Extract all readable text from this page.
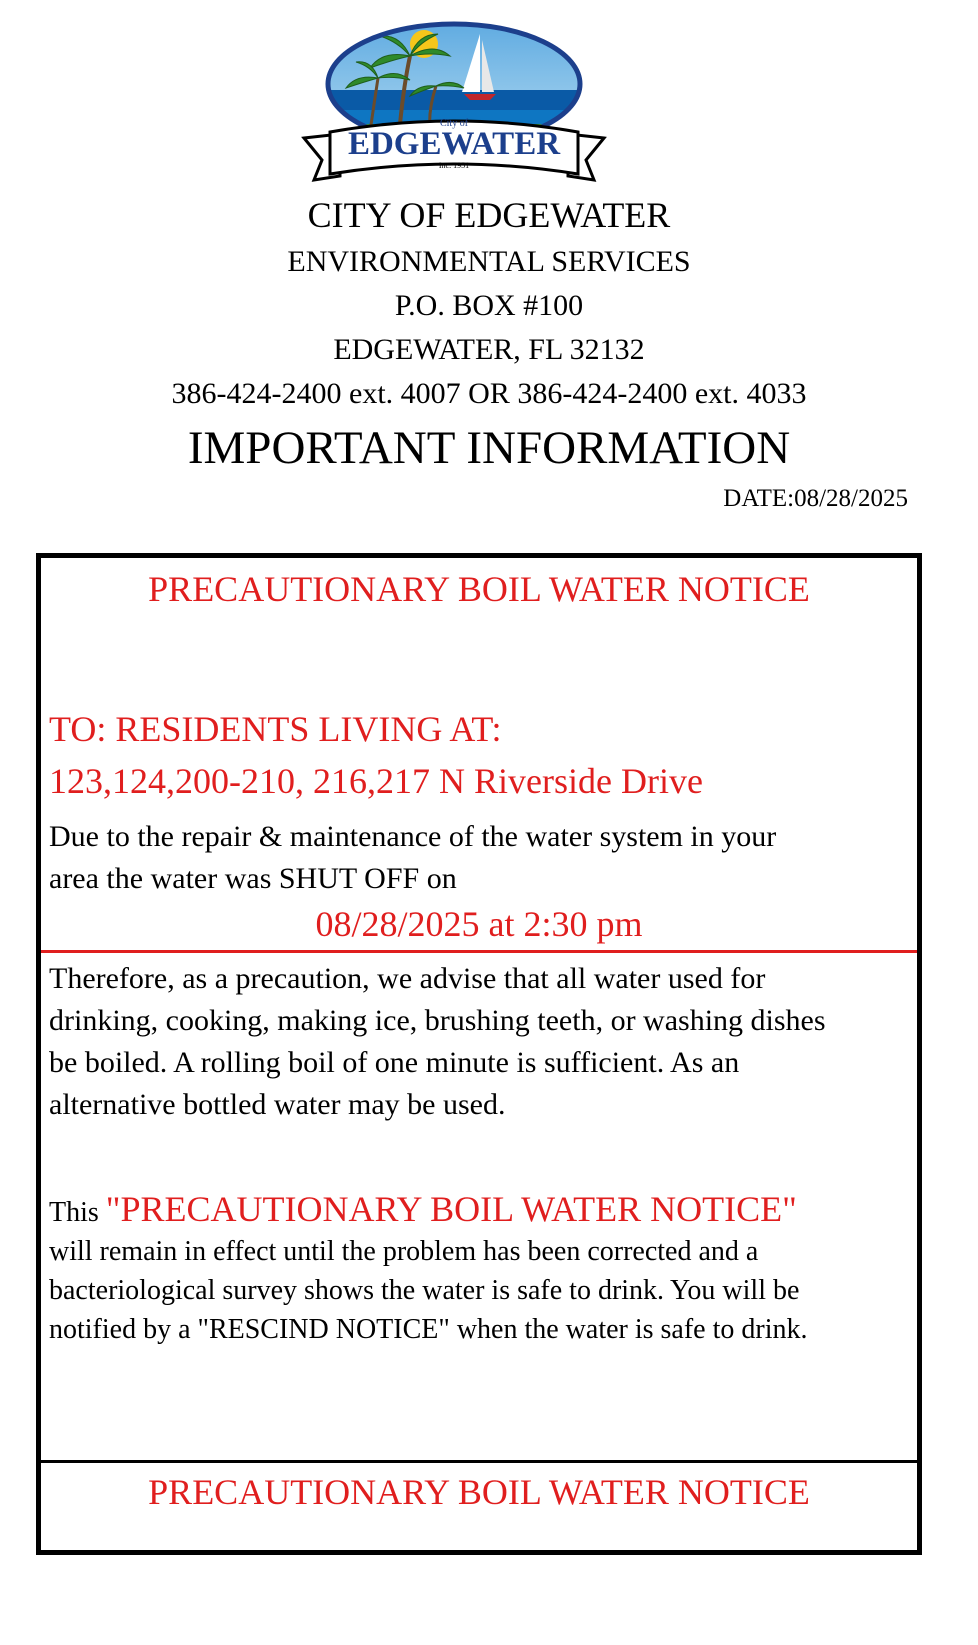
City of
EDGEWATER
Inc. 1951
CITY OF EDGEWATER
ENVIRONMENTAL SERVICES
P.O. BOX #100
EDGEWATER, FL 32132
386-424-2400 ext. 4007 OR 386-424-2400 ext. 4033
IMPORTANT INFORMATION
DATE:08/28/2025
PRECAUTIONARY BOIL WATER NOTICE
TO: RESIDENTS LIVING AT:
123,124,200-210, 216,217 N Riverside Drive
Due to the repair & maintenance of the water system in your
area the water was SHUT OFF on
08/28/2025 at 2:30 pm
Therefore, as a precaution, we advise that all water used for
drinking, cooking, making ice, brushing teeth, or washing dishes
be boiled. A rolling boil of one minute is sufficient. As an
alternative bottled water may be used.
This "PRECAUTIONARY BOIL WATER NOTICE"
will remain in effect until the problem has been corrected and a
bacteriological survey shows the water is safe to drink. You will be
notified by a "RESCIND NOTICE" when the water is safe to drink.
PRECAUTIONARY BOIL WATER NOTICE
